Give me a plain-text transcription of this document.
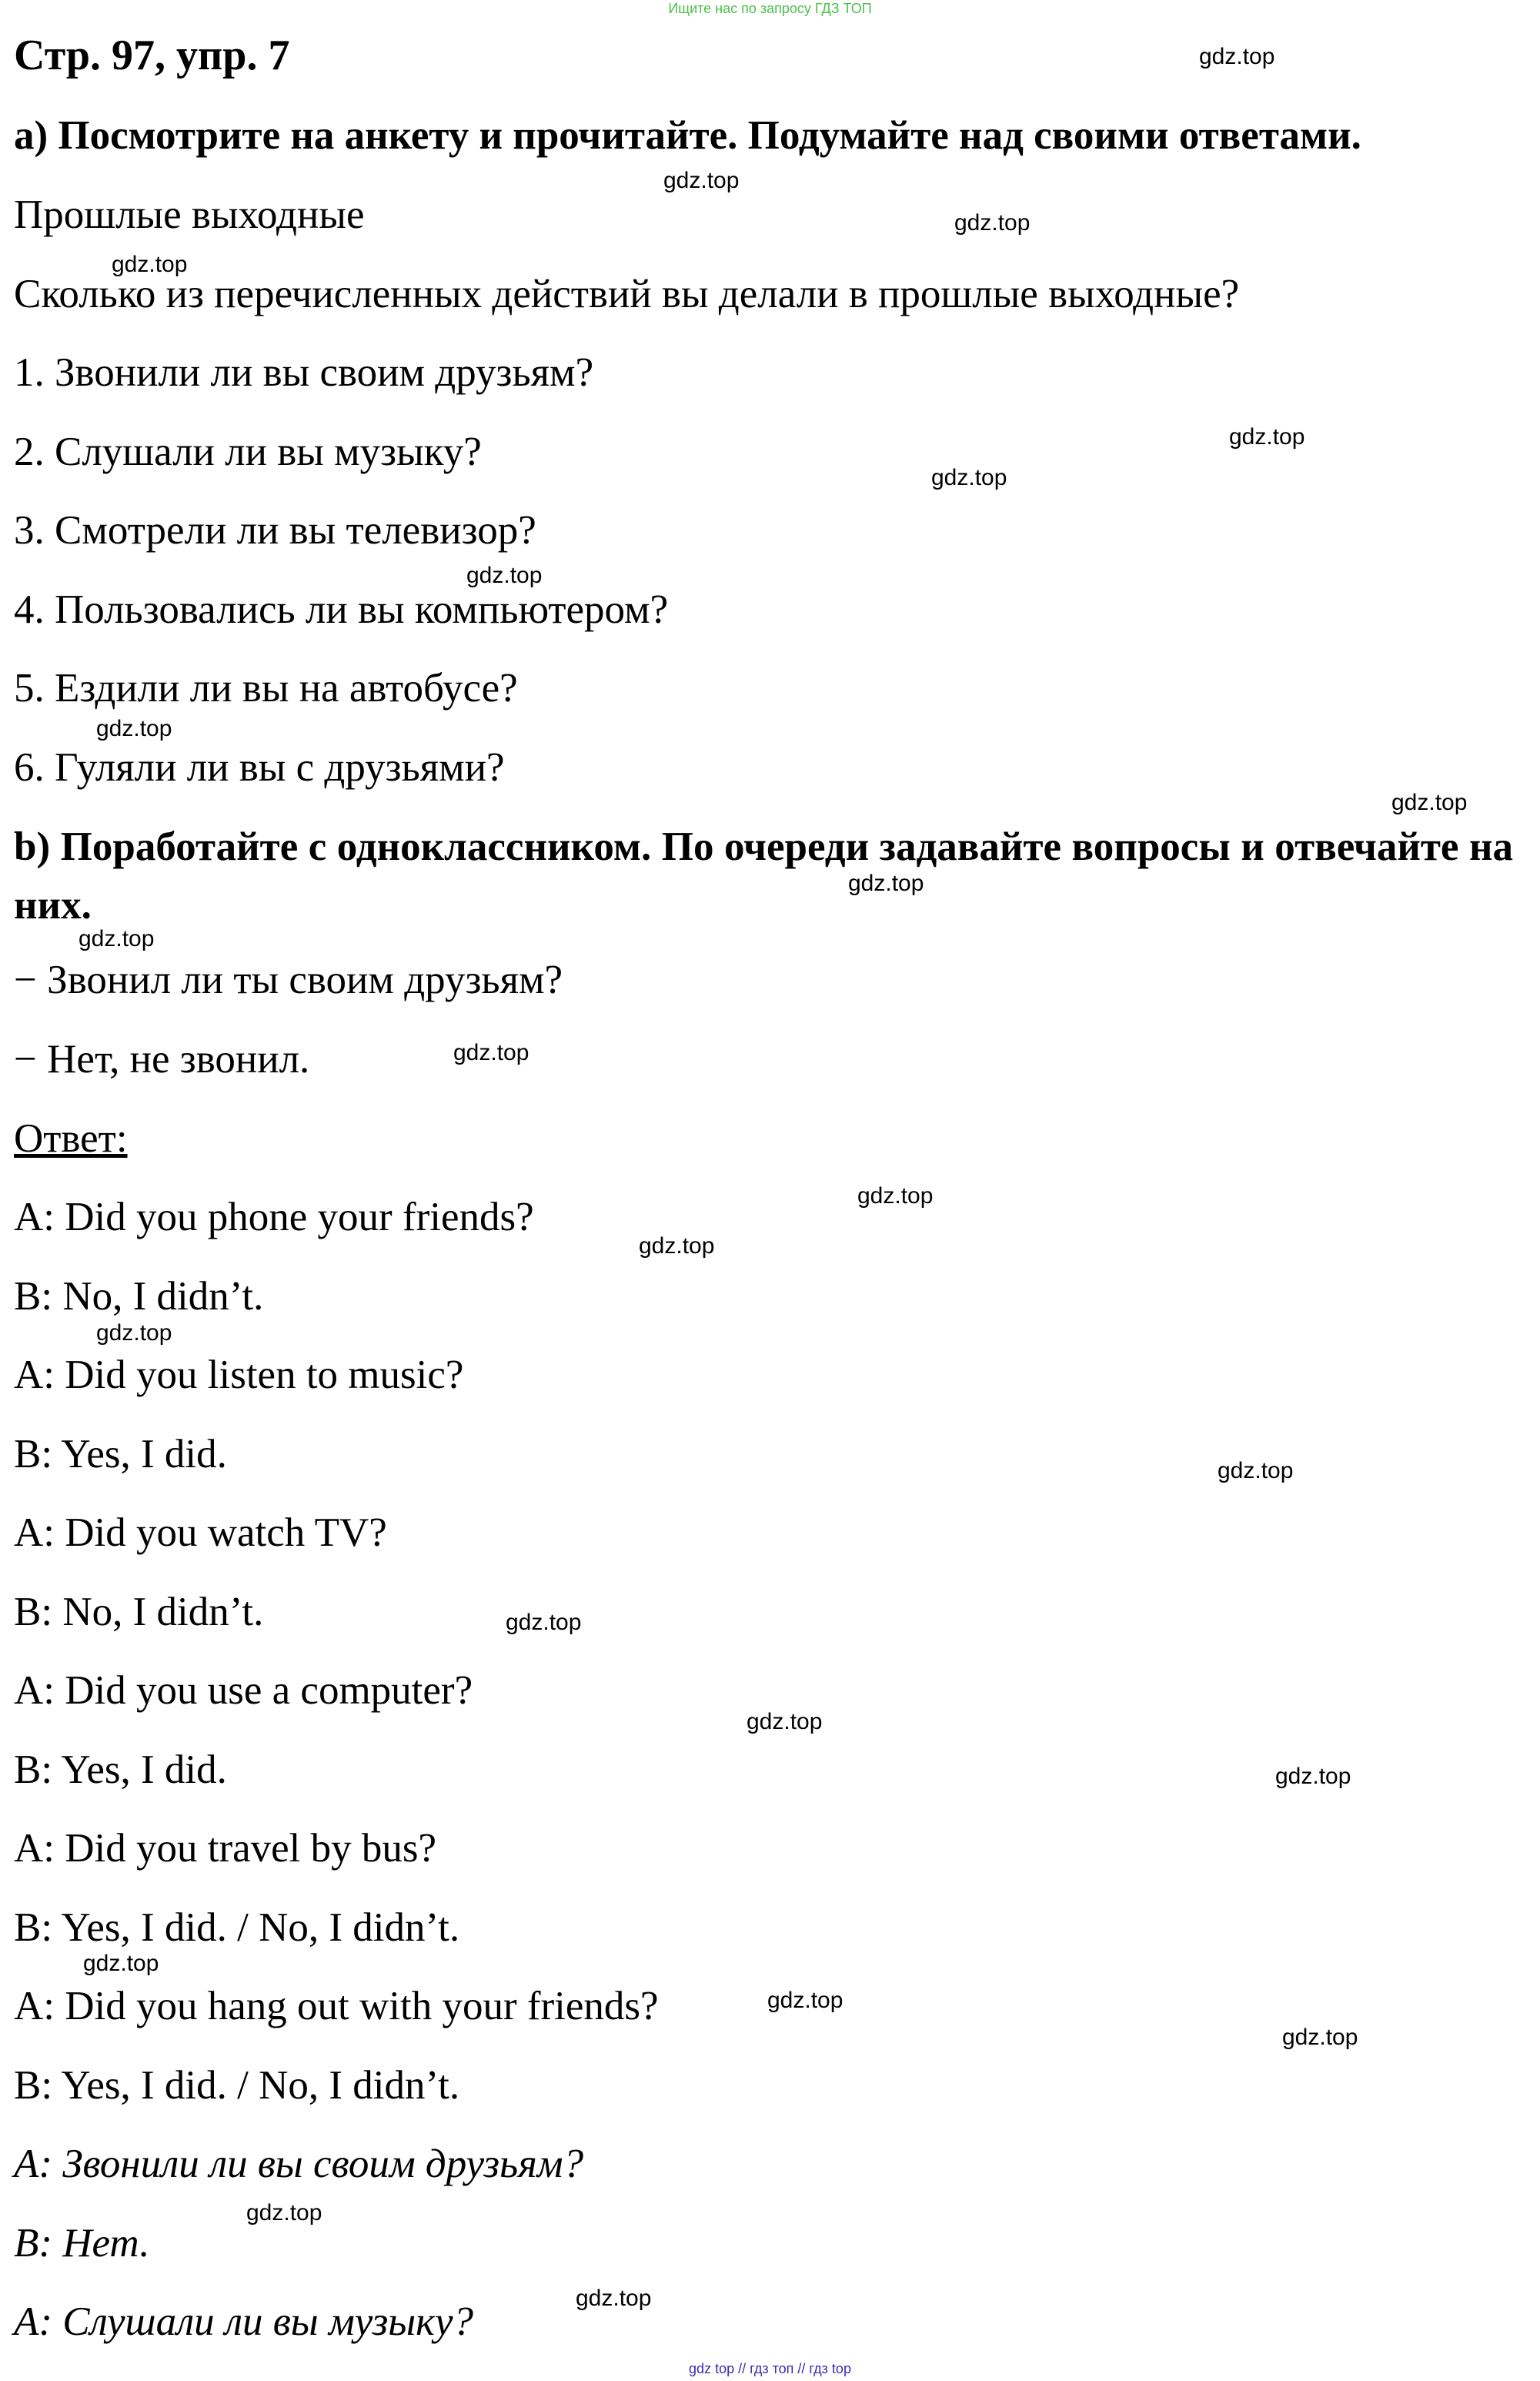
Ищите нас по запросу ГДЗ ТОП
Стр. 97, упр. 7
a) Посмотрите на анкету и прочитайте. Подумайте над своими ответами.
Прошлые выходные
Сколько из перечисленных действий вы делали в прошлые выходные?
1. Звонили ли вы своим друзьям?
2. Слушали ли вы музыку?
3. Смотрели ли вы телевизор?
4. Пользовались ли вы компьютером?
5. Ездили ли вы на автобусе?
6. Гуляли ли вы с друзьями?
b) Поработайте с одноклассником. По очереди задавайте вопросы и отвечайте на них.
− Звонил ли ты своим друзьям?
− Нет, не звонил.
Ответ:
A: Did you phone your friends?
B: No, I didn’t.
A: Did you listen to music?
B: Yes, I did.
A: Did you watch TV?
B: No, I didn’t.
A: Did you use a computer?
B: Yes, I did.
A: Did you travel by bus?
B: Yes, I did. / No, I didn’t.
A: Did you hang out with your friends?
B: Yes, I did. / No, I didn’t.
A: Звонили ли вы своим друзьям?
B: Нет.
A: Слушали ли вы музыку?
gdz.top
gdz.top
gdz.top
gdz.top
gdz.top
gdz.top
gdz.top
gdz.top
gdz.top
gdz.top
gdz.top
gdz.top
gdz.top
gdz.top
gdz.top
gdz.top
gdz.top
gdz.top
gdz.top
gdz.top
gdz.top
gdz.top
gdz.top
gdz.top
gdz top // гдз топ // гдз top
